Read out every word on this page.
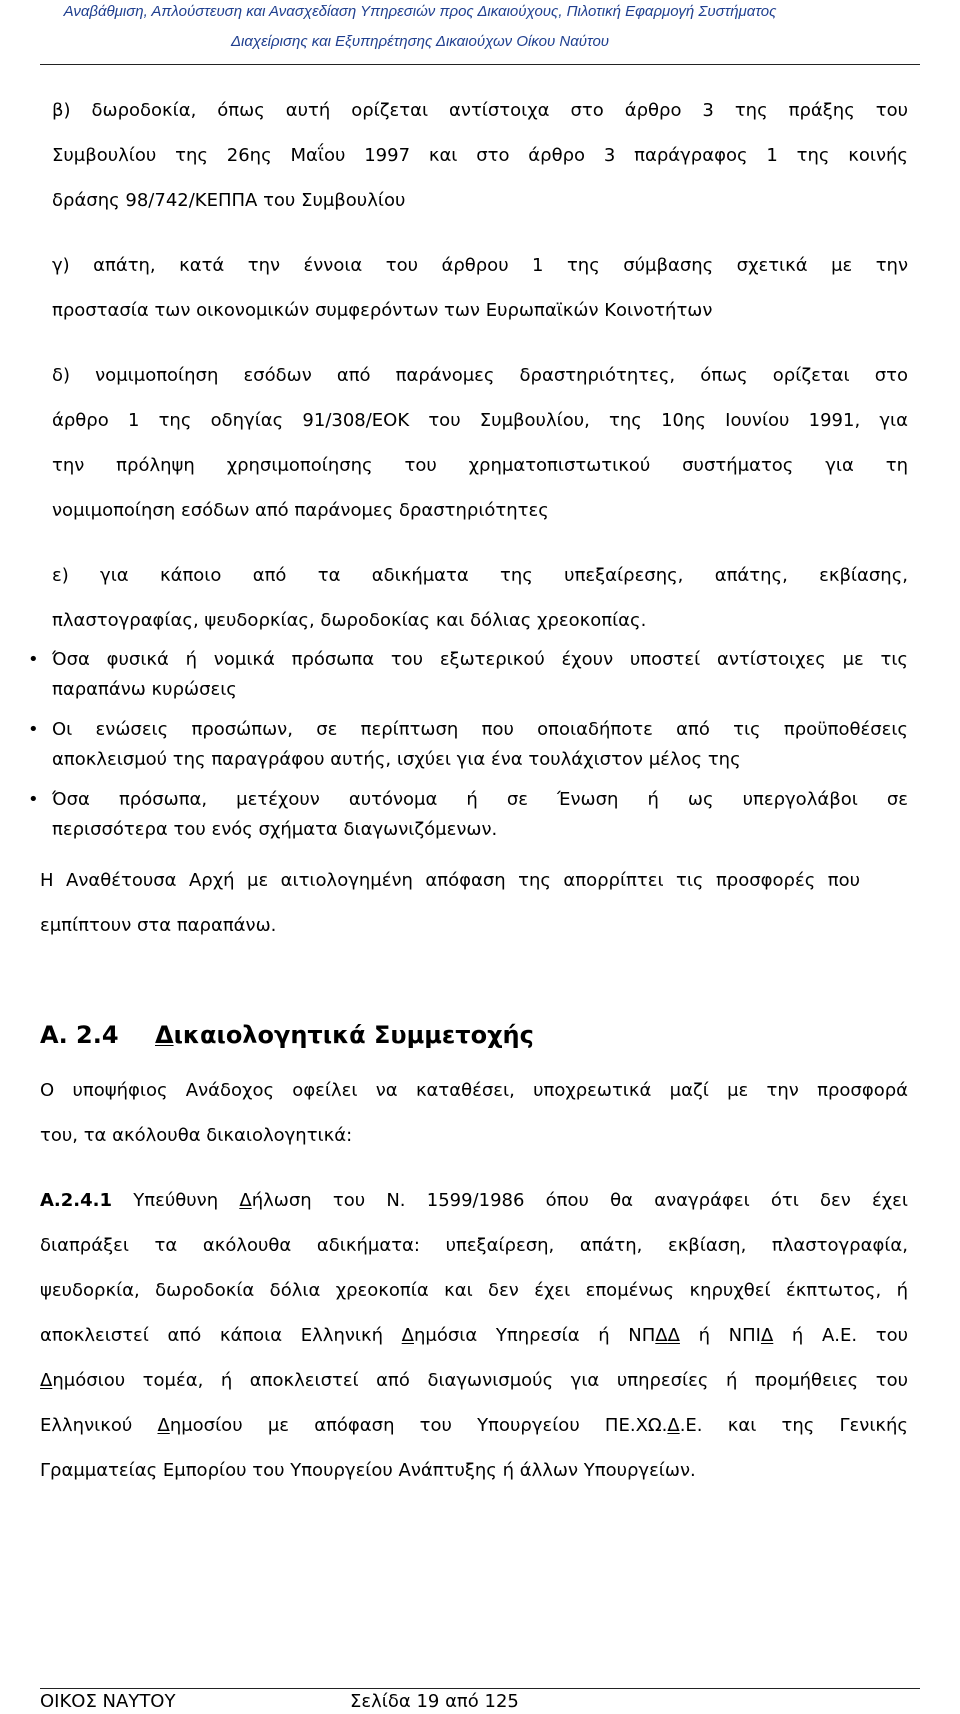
Αναβάθμιση, Απλούστευση και Ανασχεδίαση Υπηρεσιών προς Δικαιούχους, Πιλοτική Εφαρμογή Συστήματος
Διαχείρισης και Εξυπηρέτησης Δικαιούχων Οίκου Ναύτου
β) δωροδοκία, όπως αυτή ορίζεται αντίστοιχα στο άρθρο 3 της πράξης του
Συμβουλίου της 26ης Μαΐου 1997 και στο άρθρο 3 παράγραφος 1 της κοινής
δράσης 98/742/ΚΕΠΠΑ του Συμβουλίου
γ) απάτη, κατά την έννοια του άρθρου 1 της σύμβασης σχετικά με την
προστασία των οικονομικών συμφερόντων των Ευρωπαϊκών Κοινοτήτων
δ) νομιμοποίηση εσόδων από παράνομες δραστηριότητες, όπως ορίζεται στο
άρθρο 1 της οδηγίας 91/308/ΕΟΚ του Συμβουλίου, της 10ης Ιουνίου 1991, για
την πρόληψη χρησιμοποίησης του χρηματοπιστωτικού συστήματος για τη
νομιμοποίηση εσόδων από παράνομες δραστηριότητες
ε) για κάποιο από τα αδικήματα της υπεξαίρεσης, απάτης, εκβίασης,
πλαστογραφίας, ψευδορκίας, δωροδοκίας και δόλιας χρεοκοπίας.
• Όσα φυσικά ή νομικά πρόσωπα του εξωτερικού έχουν υποστεί αντίστοιχες με τις
παραπάνω κυρώσεις
• Οι ενώσεις προσώπων, σε περίπτωση που οποιαδήποτε από τις προϋποθέσεις
αποκλεισμού της παραγράφου αυτής, ισχύει για ένα τουλάχιστον μέλος της
• Όσα πρόσωπα, μετέχουν αυτόνομα ή σε Ένωση ή ως υπεργολάβοι σε
περισσότερα του ενός σχήματα διαγωνιζόμενων.
Η Αναθέτουσα Αρχή με αιτιολογημένη απόφαση της απορρίπτει τις προσφορές που
εμπίπτουν στα παραπάνω.
Α. 2.4 Δικαιολογητικά Συμμετοχής
Ο υποψήφιος Ανάδοχος οφείλει να καταθέσει, υποχρεωτικά μαζί με την προσφορά
του, τα ακόλουθα δικαιολογητικά:
Α.2.4.1 Υπεύθυνη Δήλωση του Ν. 1599/1986 όπου θα αναγράφει ότι δεν έχει
διαπράξει τα ακόλουθα αδικήματα: υπεξαίρεση, απάτη, εκβίαση, πλαστογραφία,
ψευδορκία, δωροδοκία δόλια χρεοκοπία και δεν έχει επομένως κηρυχθεί έκπτωτος, ή
αποκλειστεί από κάποια Ελληνική Δημόσια Υπηρεσία ή ΝΠΔΔ ή ΝΠΙΔ ή Α.Ε. του
Δημόσιου τομέα, ή αποκλειστεί από διαγωνισμούς για υπηρεσίες ή προμήθειες του
Ελληνικού Δημοσίου με απόφαση του Υπουργείου ΠΕ.ΧΩ.Δ.Ε. και της Γενικής
Γραμματείας Εμπορίου του Υπουργείου Ανάπτυξης ή άλλων Υπουργείων.
ΟΙΚΟΣ ΝΑΥΤΟΥ	Σελίδα 19 από 125
